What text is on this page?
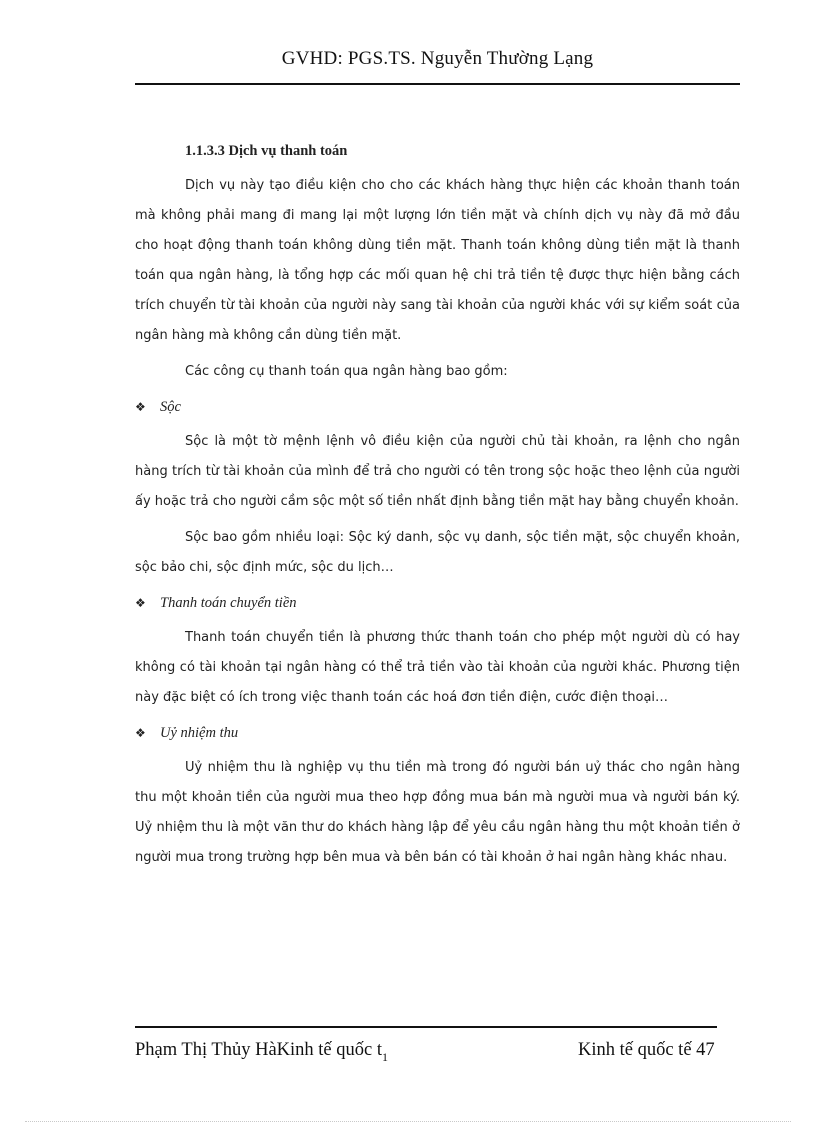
GVHD: PGS.TS. Nguyễn Thường Lạng
1.1.3.3 Dịch vụ thanh toán

Dịch vụ này tạo điều kiện cho cho các khách hàng thực hiện các khoản thanh toán mà không phải mang đi mang lại một lượng lớn tiền mặt và chính dịch vụ này đã mở đầu cho hoạt động thanh toán không dùng tiền mặt. Thanh toán không dùng tiền mặt là thanh toán qua ngân hàng, là tổng hợp các mối quan hệ chi trả tiền tệ được thực hiện bằng cách trích chuyển từ tài khoản của người này sang tài khoản của người khác với sự kiểm soát của ngân hàng mà không cần dùng tiền mặt.

Các công cụ thanh toán qua ngân hàng bao gồm:

❖ Sộc

Sộc là một tờ mệnh lệnh vô điều kiện của người chủ tài khoản, ra lệnh cho ngân hàng trích từ tài khoản của mình để trả cho người có tên trong sộc hoặc theo lệnh của người ấy hoặc trả cho người cầm sộc một số tiền nhất định bằng tiền mặt hay bằng chuyển khoản.

Sộc bao gồm nhiều loại: Sộc ký danh, sộc vụ danh, sộc tiền mặt, sộc chuyển khoản, sộc bảo chi, sộc định mức, sộc du lịch…

❖ Thanh toán chuyển tiền

Thanh toán chuyển tiền là phương thức thanh toán cho phép một người dù có hay không có tài khoản tại ngân hàng có thể trả tiền vào tài khoản của người khác. Phương tiện này đặc biệt có ích trong việc thanh toán các hoá đơn tiền điện, cước điện thoại…

❖ Uỷ nhiệm thu

Uỷ nhiệm thu là nghiệp vụ thu tiền mà trong đó người bán uỷ thác cho ngân hàng thu một khoản tiền của người mua theo hợp đồng mua bán mà người mua và người bán ký. Uỷ nhiệm thu là một văn thư do khách hàng lập để yêu cầu ngân hàng thu một khoản tiền ở người mua trong trường hợp bên mua và bên bán có tài khoản ở hai ngân hàng khác nhau.

Phạm Thị Thủy HàKinh tế quốc $t_1$	Kinh tế quốc tế 47
